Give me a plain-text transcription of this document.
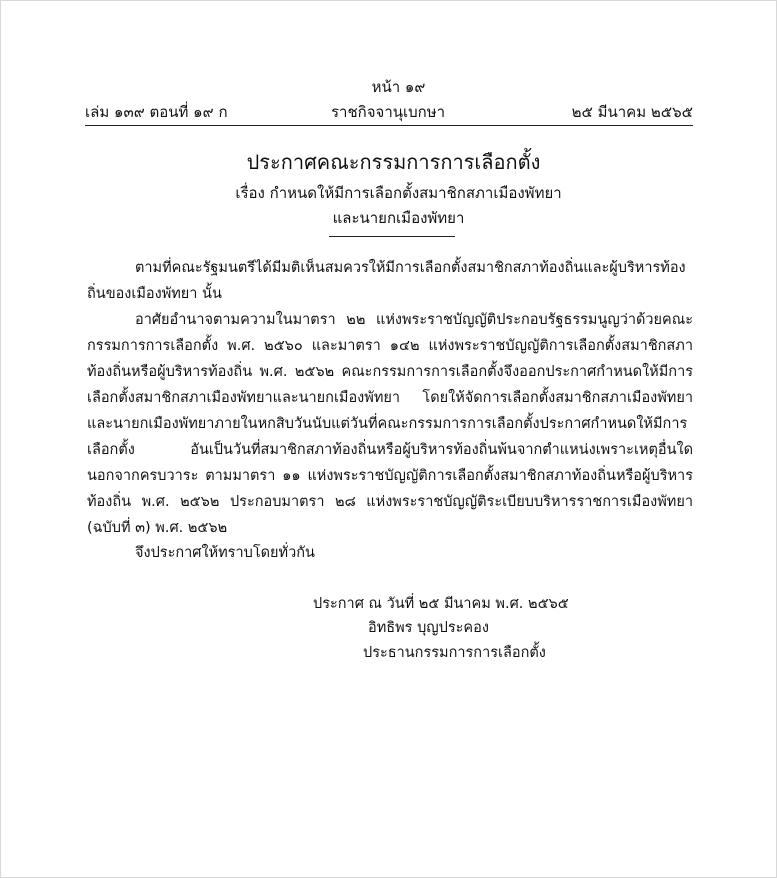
หน้า ๑๙
เล่ม ๑๓๙ ตอนที่ ๑๙ ก	ราชกิจจานุเบกษา	๒๕ มีนาคม ๒๕๖๕
ประกาศคณะกรรมการการเลือกตั้ง
เรื่อง กำหนดให้มีการเลือกตั้งสมาชิกสภาเมืองพัทยา
และนายกเมืองพัทยา

ตามที่คณะรัฐมนตรีได้มีมติเห็นสมควรให้มีการเลือกตั้งสมาชิกสภาท้องถิ่นและผู้บริหารท้องถิ่นของเมืองพัทยา นั้น

อาศัยอำนาจตามความในมาตรา ๒๒ แห่งพระราชบัญญัติประกอบรัฐธรรมนูญว่าด้วยคณะกรรมการการเลือกตั้ง พ.ศ. ๒๕๖๐ และมาตรา ๑๔๒ แห่งพระราชบัญญัติการเลือกตั้งสมาชิกสภาท้องถิ่นหรือผู้บริหารท้องถิ่น พ.ศ. ๒๕๖๒ คณะกรรมการการเลือกตั้งจึงออกประกาศกำหนดให้มีการเลือกตั้งสมาชิกสภาเมืองพัทยาและนายกเมืองพัทยา โดยให้จัดการเลือกตั้งสมาชิกสภาเมืองพัทยาและนายกเมืองพัทยาภายในหกสิบวันนับแต่วันที่คณะกรรมการการเลือกตั้งประกาศกำหนดให้มีการเลือกตั้ง อันเป็นวันที่สมาชิกสภาท้องถิ่นหรือผู้บริหารท้องถิ่นพ้นจากตำแหน่งเพราะเหตุอื่นใดนอกจากครบวาระ ตามมาตรา ๑๑ แห่งพระราชบัญญัติการเลือกตั้งสมาชิกสภาท้องถิ่นหรือผู้บริหารท้องถิ่น พ.ศ. ๒๕๖๒ ประกอบมาตรา ๒๘ แห่งพระราชบัญญัติระเบียบบริหารราชการเมืองพัทยา (ฉบับที่ ๓) พ.ศ. ๒๕๖๒

จึงประกาศให้ทราบโดยทั่วกัน
ประกาศ ณ วันที่ ๒๕ มีนาคม พ.ศ. ๒๕๖๕
อิทธิพร บุญประคอง
ประธานกรรมการการเลือกตั้ง
